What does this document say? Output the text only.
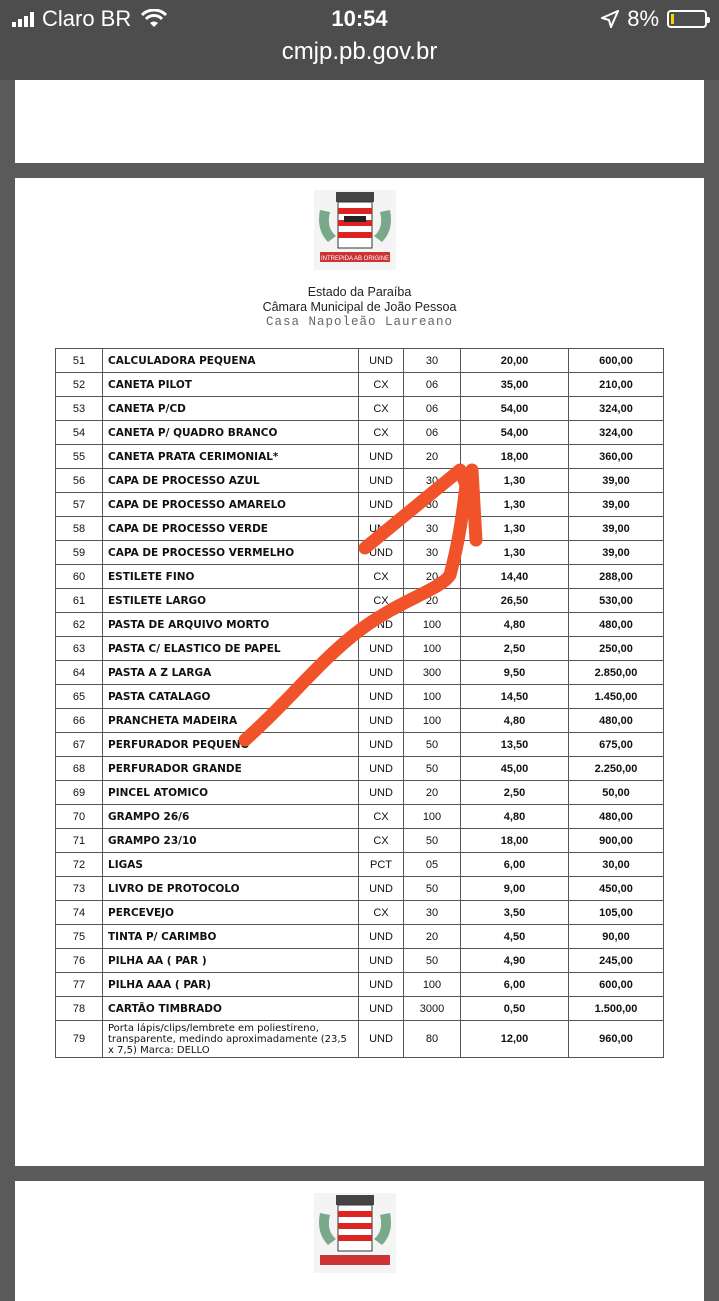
Claro BR	10:54	8%
cmjp.pb.gov.br
INTREPIDA AB ORIGINE
Estado da Paraíba
Câmara Municipal de João Pessoa
Casa Napoleão Laureano
51	CALCULADORA PEQUENA	UND	30	20,00	600,00
52	CANETA PILOT	CX	06	35,00	210,00
53	CANETA P/CD	CX	06	54,00	324,00
54	CANETA P/ QUADRO BRANCO	CX	06	54,00	324,00
55	CANETA PRATA CERIMONIAL*	UND	20	18,00	360,00
56	CAPA DE PROCESSO AZUL	UND	30	1,30	39,00
57	CAPA DE PROCESSO AMARELO	UND	30	1,30	39,00
58	CAPA DE PROCESSO VERDE	UND	30	1,30	39,00
59	CAPA DE PROCESSO VERMELHO	UND	30	1,30	39,00
60	ESTILETE FINO	CX	20	14,40	288,00
61	ESTILETE LARGO	CX	20	26,50	530,00
62	PASTA DE ARQUIVO MORTO	UND	100	4,80	480,00
63	PASTA C/ ELASTICO DE PAPEL	UND	100	2,50	250,00
64	PASTA A Z LARGA	UND	300	9,50	2.850,00
65	PASTA CATALAGO	UND	100	14,50	1.450,00
66	PRANCHETA MADEIRA	UND	100	4,80	480,00
67	PERFURADOR PEQUENO	UND	50	13,50	675,00
68	PERFURADOR GRANDE	UND	50	45,00	2.250,00
69	PINCEL ATOMICO	UND	20	2,50	50,00
70	GRAMPO 26/6	CX	100	4,80	480,00
71	GRAMPO 23/10	CX	50	18,00	900,00
72	LIGAS	PCT	05	6,00	30,00
73	LIVRO DE PROTOCOLO	UND	50	9,00	450,00
74	PERCEVEJO	CX	30	3,50	105,00
75	TINTA P/ CARIMBO	UND	20	4,50	90,00
76	PILHA AA ( PAR )	UND	50	4,90	245,00
77	PILHA AAA ( PAR)	UND	100	6,00	600,00
78	CARTÃO TIMBRADO	UND	3000	0,50	1.500,00
79	Porta lápis/clips/lembrete em poliestireno, transparente, medindo aproximadamente (23,5 x 7,5) Marca: DELLO	UND	80	12,00	960,00
